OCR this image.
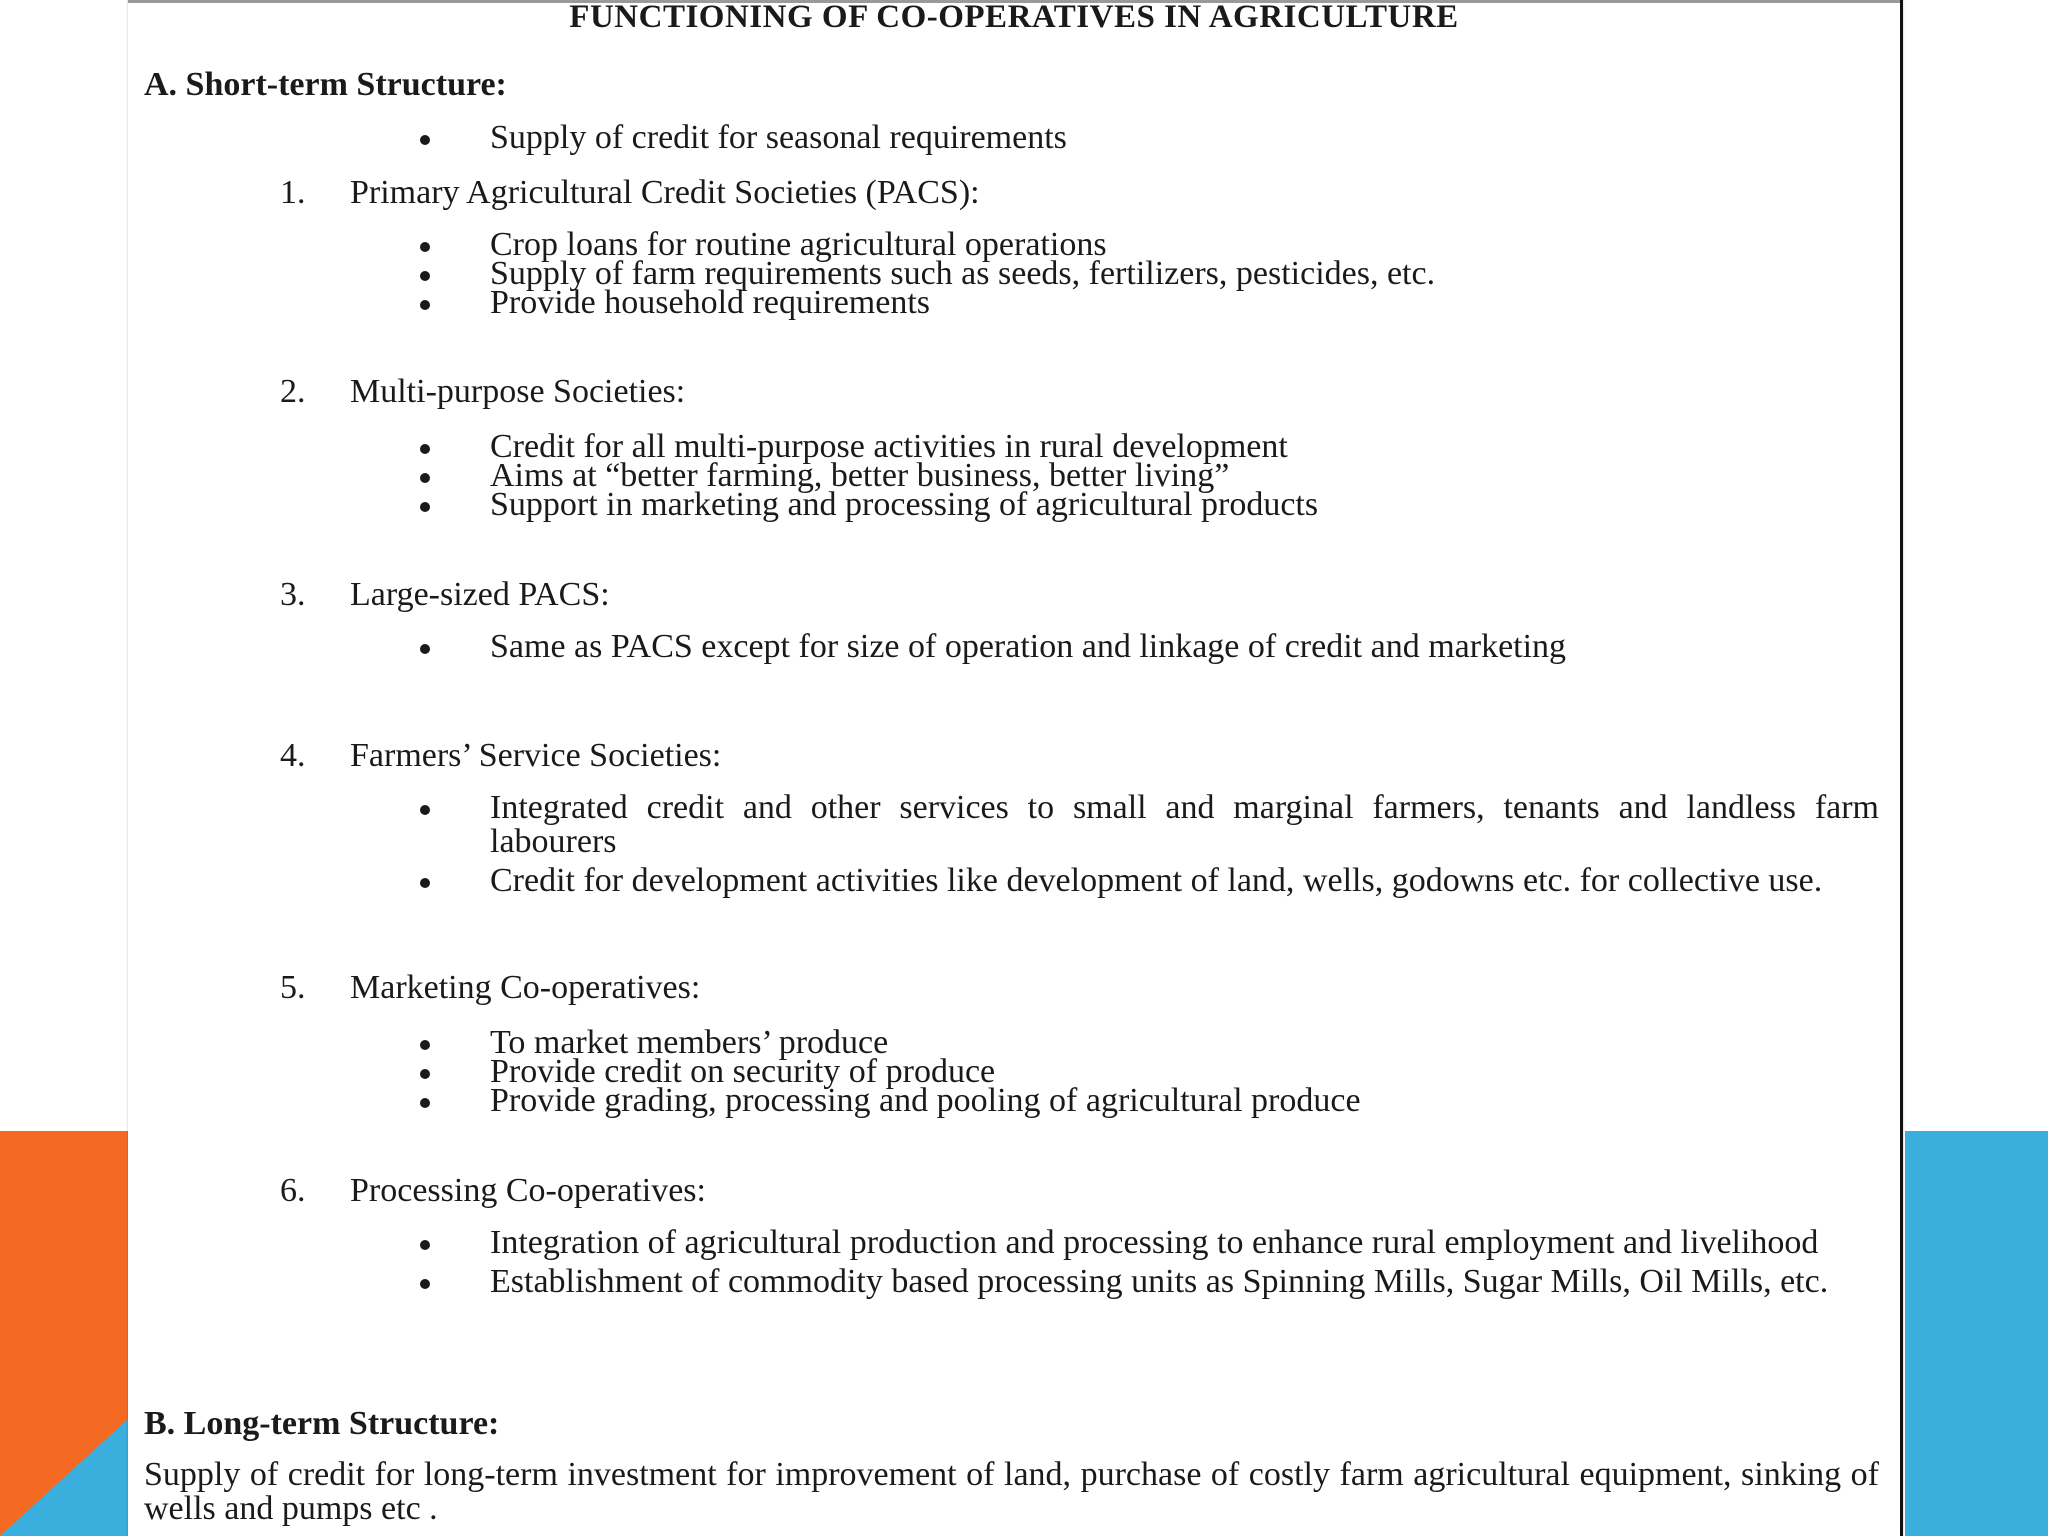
FUNCTIONING OF CO-OPERATIVES IN AGRICULTURE
A. Short-term Structure:
Supply of credit for seasonal requirements
1. Primary Agricultural Credit Societies (PACS):
Crop loans for routine agricultural operations
Supply of farm requirements such as seeds, fertilizers, pesticides, etc.
Provide household requirements
2. Multi-purpose Societies:
Credit for all multi-purpose activities in rural development
Aims at “better farming, better business, better living”
Support in marketing and processing of agricultural products
3. Large-sized PACS:
Same as PACS except for size of operation and linkage of credit and marketing
4. Farmers’ Service Societies:
Integrated credit and other services to small and marginal farmers, tenants and landless farm labourers
Credit for development activities like development of land, wells, godowns etc. for collective use.
5. Marketing Co-operatives:
To market members’ produce
Provide credit on security of produce
Provide grading, processing and pooling of agricultural produce
6. Processing Co-operatives:
Integration of agricultural production and processing to enhance rural employment and livelihood
Establishment of commodity based processing units as Spinning Mills, Sugar Mills, Oil Mills, etc.
B. Long-term Structure:
Supply of credit for long-term investment for improvement of land, purchase of costly farm agricultural equipment, sinking of wells and pumps etc .
